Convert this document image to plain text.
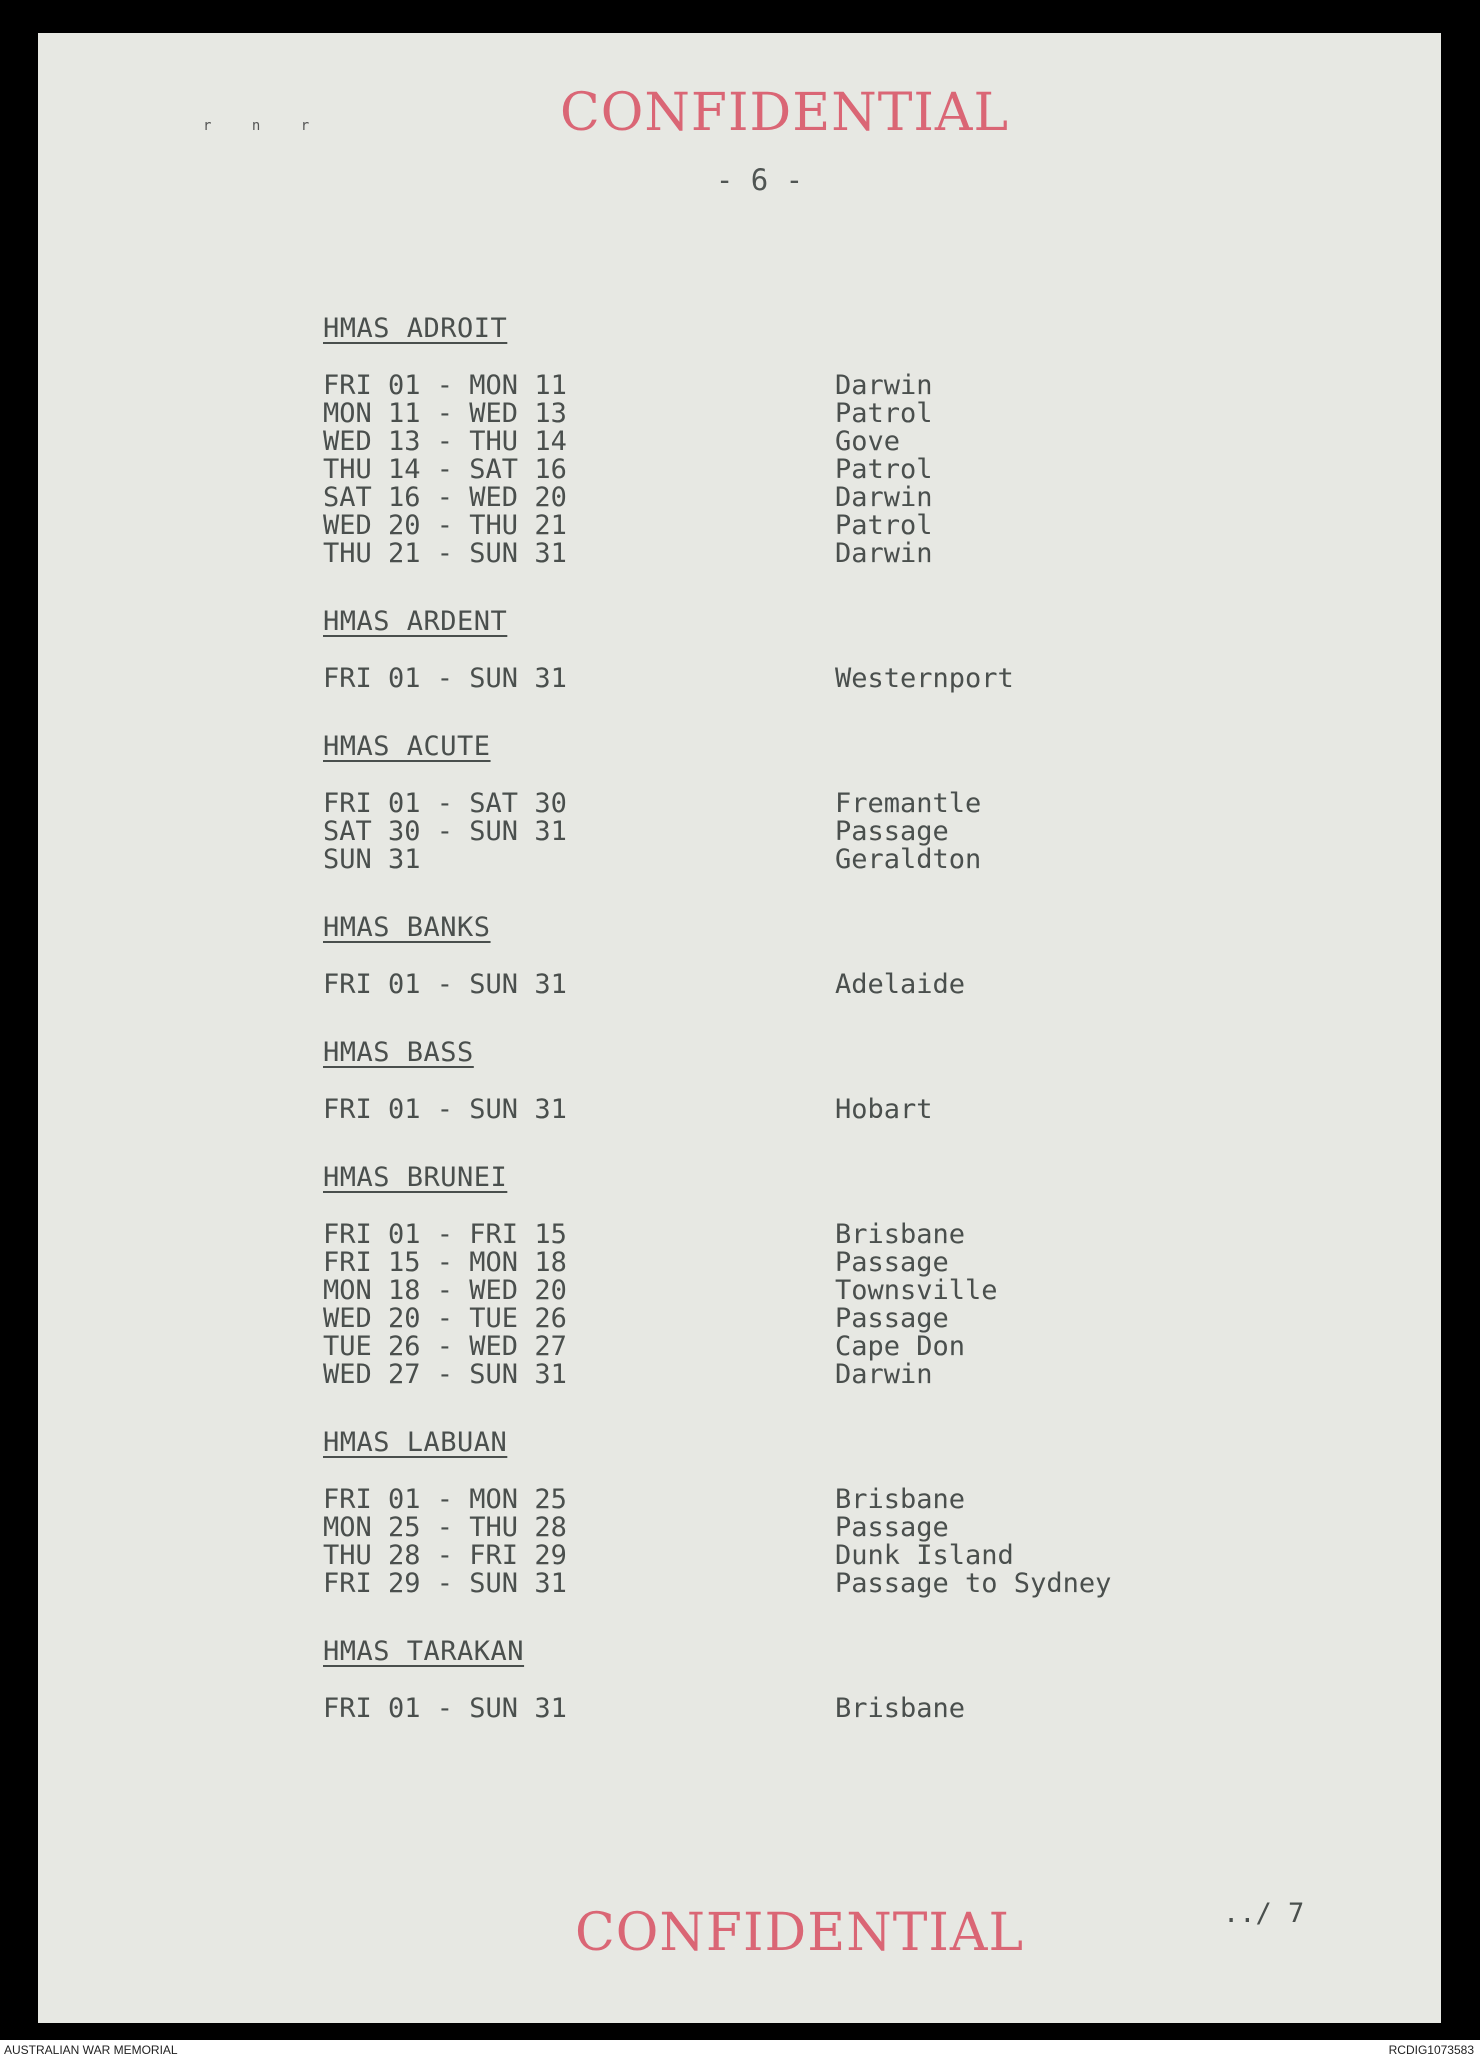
r n r	CONFIDENTIAL
- 6 -
HMAS ADROIT
FRI 01 - MON 11	Darwin
MON 11 - WED 13	Patrol
WED 13 - THU 14	Gove
THU 14 - SAT 16	Patrol
SAT 16 - WED 20	Darwin
WED 20 - THU 21	Patrol
THU 21 - SUN 31	Darwin
HMAS ARDENT
FRI 01 - SUN 31	Westernport
HMAS ACUTE
FRI 01 - SAT 30	Fremantle
SAT 30 - SUN 31	Passage
SUN 31	Geraldton
HMAS BANKS
FRI 01 - SUN 31	Adelaide
HMAS BASS
FRI 01 - SUN 31	Hobart
HMAS BRUNEI
FRI 01 - FRI 15	Brisbane
FRI 15 - MON 18	Passage
MON 18 - WED 20	Townsville
WED 20 - TUE 26	Passage
TUE 26 - WED 27	Cape Don
WED 27 - SUN 31	Darwin
HMAS LABUAN
FRI 01 - MON 25	Brisbane
MON 25 - THU 28	Passage
THU 28 - FRI 29	Dunk Island
FRI 29 - SUN 31	Passage to Sydney
HMAS TARAKAN
FRI 01 - SUN 31	Brisbane
../ 7
CONFIDENTIAL
AUSTRALIAN WAR MEMORIAL	RCDIG1073583
